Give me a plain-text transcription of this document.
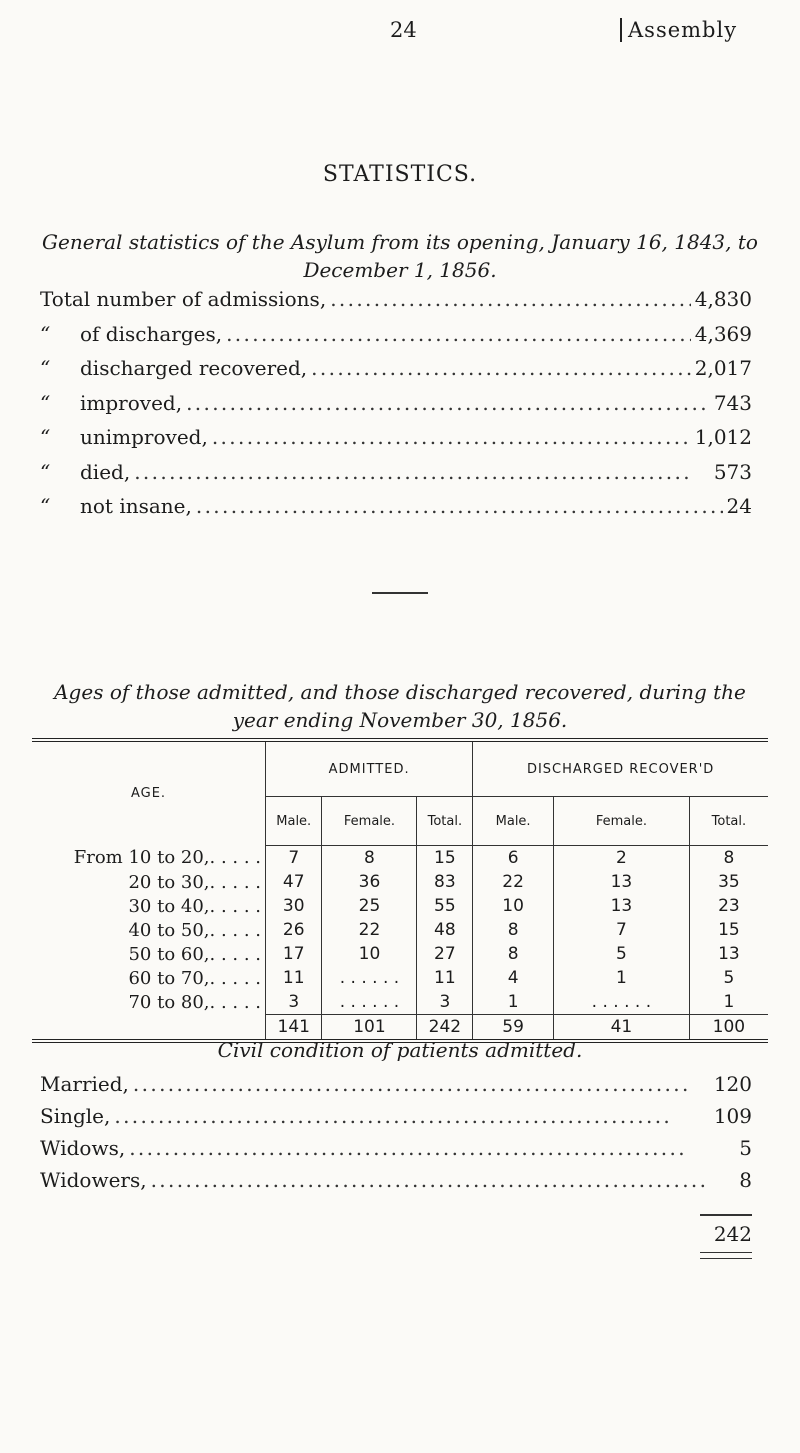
24	Assembly
STATISTICS.
General statistics of the Asylum from its opening, January 16, 1843, to December 1, 1856.
Total number of admissions, . . .	4,830
“	of discharges, . . .	4,369
“	discharged recovered, . . .	2,017
“	improved, . . .	743
“	unimproved, . . .	1,012
“	died, . . .	573
“	not insane, . . .	24
Ages of those admitted, and those discharged recovered, during the year ending November 30, 1856.
AGE.	ADMITTED.			DISCHARGED RECOVER'D		
	Male.	Female.	Total.	Male.	Female.	Total.
From 10 to 20,. . . . .	7	8	15	6	2	8
20 to 30,. . . . .	47	36	83	22	13	35
30 to 40,. . . . .	30	25	55	10	13	23
40 to 50,. . . . .	26	22	48	8	7	15
50 to 60,. . . . .	17	10	27	8	5	13
60 to 70,. . . . .	11	. . . . . .	11	4	1	5
70 to 80,. . . . .	3	. . . . . .	3	1	. . . . . .	1
	141	101	242	59	41	100
Civil condition of patients admitted.
Married, . . .	120
Single, . . .	109
Widows, . . .	5
Widowers, . . .	8
242
